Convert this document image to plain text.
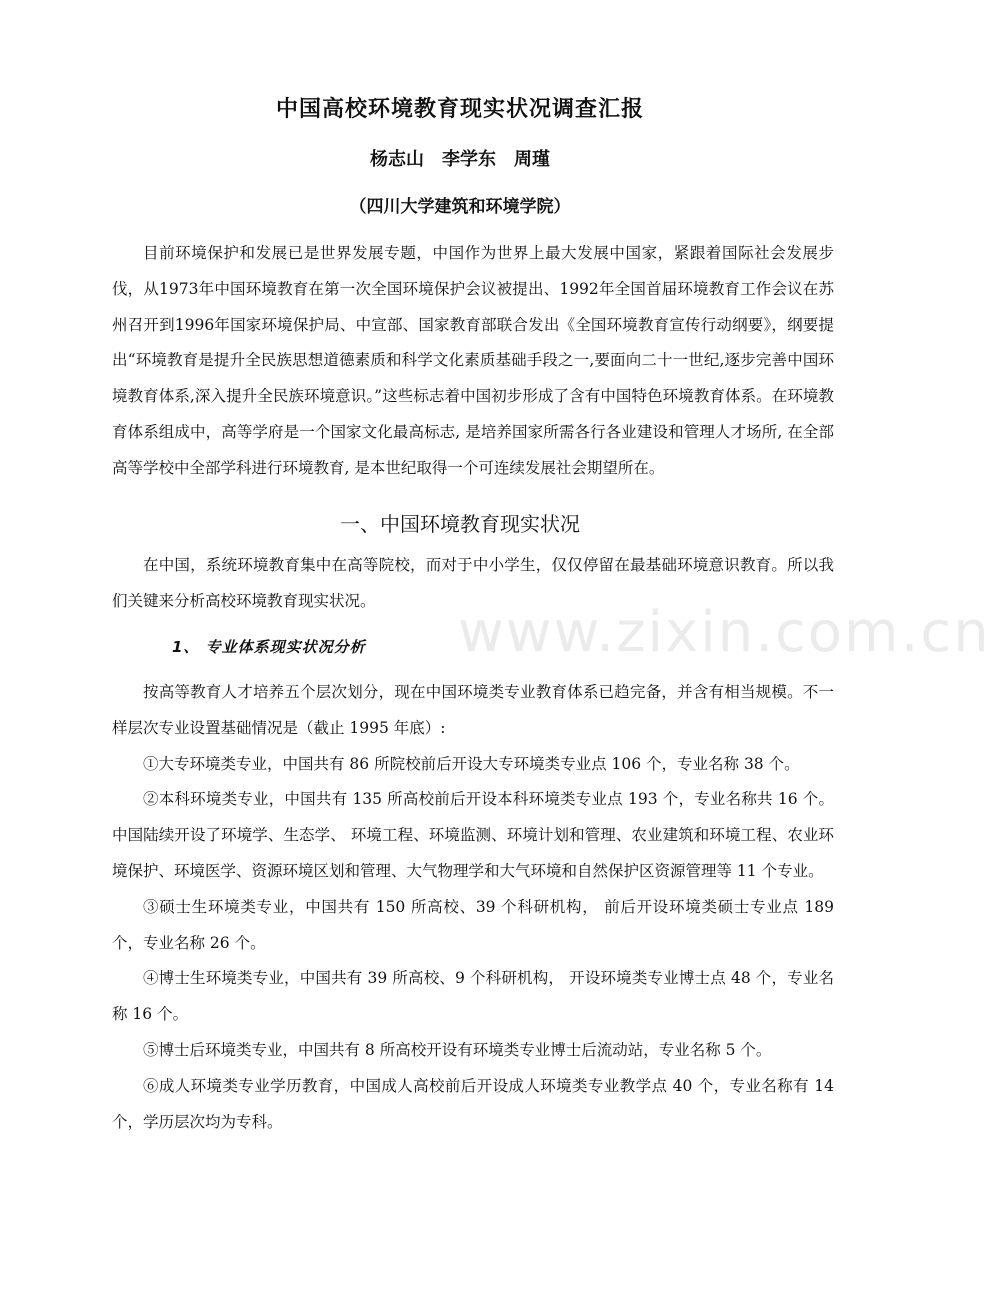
中国高校环境教育现实状况调查汇报
杨志山　李学东　周瑾
（四川大学建筑和环境学院）

目前环境保护和发展已是世界发展专题，中国作为世界上最大发展中国家，紧跟着国际社会发展步伐，从1973年中国环境教育在第一次全国环境保护会议被提出、1992年全国首届环境教育工作会议在苏州召开到1996年国家环境保护局、中宣部、国家教育部联合发出《全国环境教育宣传行动纲要》，纲要提出“环境教育是提升全民族思想道德素质和科学文化素质基础手段之一,要面向二十一世纪,逐步完善中国环境教育体系,深入提升全民族环境意识。”这些标志着中国初步形成了含有中国特色环境教育体系。在环境教育体系组成中，高等学府是一个国家文化最高标志, 是培养国家所需各行各业建设和管理人才场所, 在全部高等学校中全部学科进行环境教育, 是本世纪取得一个可连续发展社会期望所在。

一、中国环境教育现实状况

在中国，系统环境教育集中在高等院校，而对于中小学生，仅仅停留在最基础环境意识教育。所以我们关键来分析高校环境教育现实状况。

1、 专业体系现实状况分析

按高等教育人才培养五个层次划分，现在中国环境类专业教育体系已趋完备，并含有相当规模。不一样层次专业设置基础情况是（截止 1995 年底）:

①大专环境类专业，中国共有 86 所院校前后开设大专环境类专业点 106 个，专业名称 38 个。

②本科环境类专业，中国共有 135 所高校前后开设本科环境类专业点 193 个，专业名称共 16 个。中国陆续开设了环境学、生态学、 环境工程、环境监测、环境计划和管理、农业建筑和环境工程、农业环境保护、环境医学、资源环境区划和管理、大气物理学和大气环境和自然保护区资源管理等 11 个专业。

③硕士生环境类专业，中国共有 150 所高校、39 个科研机构， 前后开设环境类硕士专业点 189 个，专业名称 26 个。

④博士生环境类专业，中国共有 39 所高校、9 个科研机构， 开设环境类专业博士点 48 个，专业名称 16 个。

⑤博士后环境类专业，中国共有 8 所高校开设有环境类专业博士后流动站，专业名称 5 个。

⑥成人环境类专业学历教育，中国成人高校前后开设成人环境类专业教学点 40 个，专业名称有 14 个，学历层次均为专科。

www.zixin.com.cn
